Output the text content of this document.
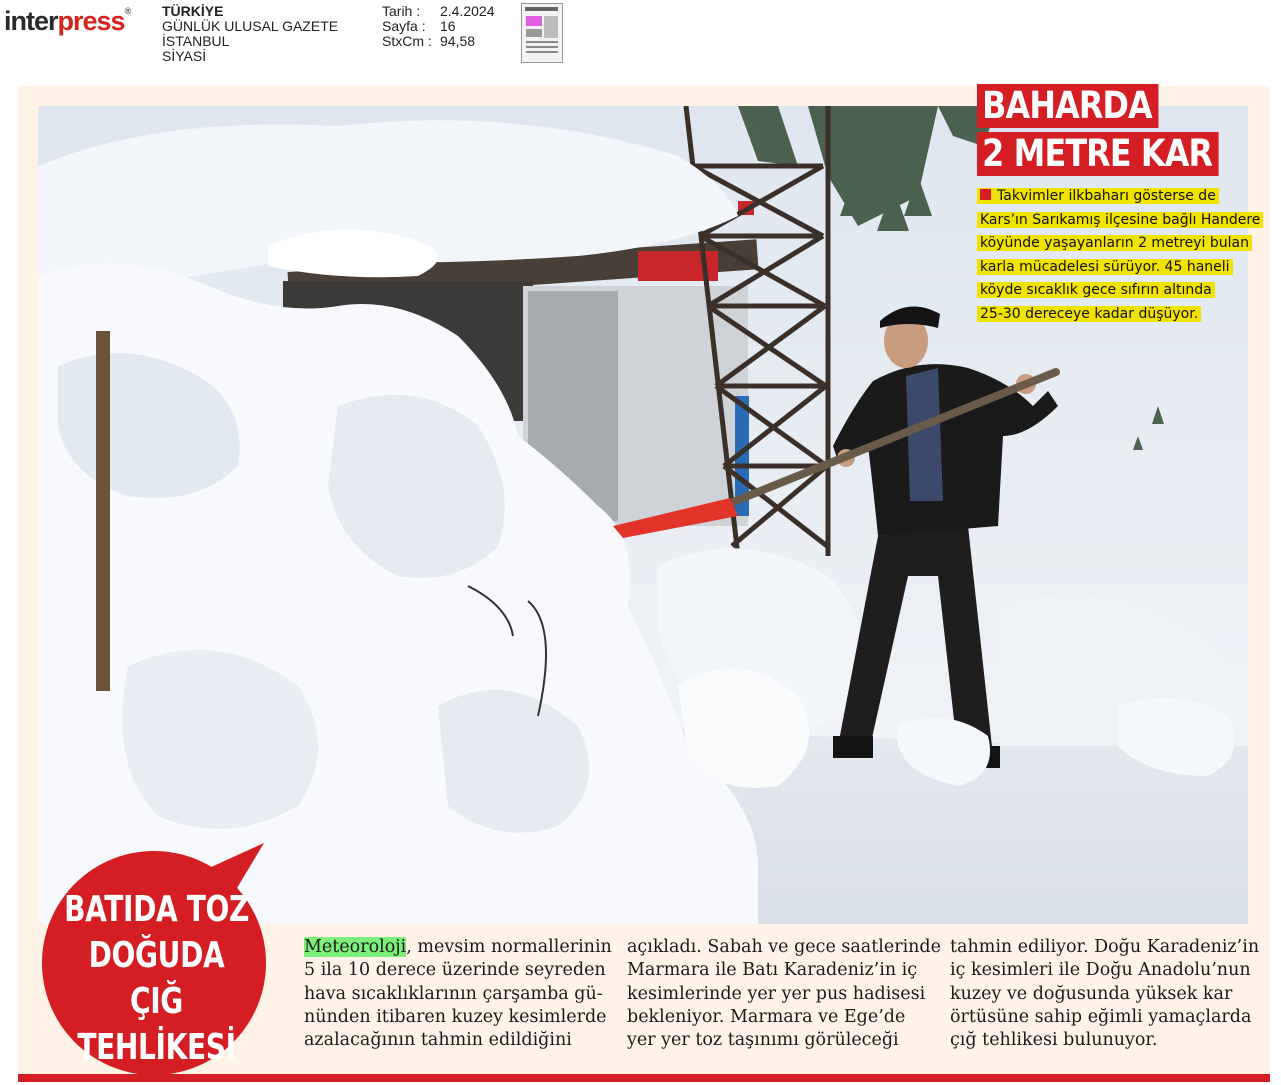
interpress® TÜRKİYE
GÜNLÜK ULUSAL GAZETE
İSTANBUL
SİYASİ
Tarih :	2.4.2024
Sayfa :	16
StxCm : 94,58
BAHARDA
2 METRE KAR
Takvimler ilkbaharı gösterse de
Kars’ın Sarıkamış ilçesine bağlı Handere
köyünde yaşayanların 2 metreyi bulan
karla mücadelesi sürüyor. 45 haneli
köyde sıcaklık gece sıfırın altında
25-30 dereceye kadar düşüyor.
BATIDA TOZ
DOĞUDA ÇIĞ
TEHLİKESİ
Meteoroloji, mevsim normallerinin
5 ila 10 derece üzerinde seyreden
hava sıcaklıklarının çarşamba gü-
nünden itibaren kuzey kesimlerde
azalacağının tahmin edildiğini
açıkladı. Sabah ve gece saatlerinde
Marmara ile Batı Karadeniz’in iç
kesimlerinde yer yer pus hadisesi
bekleniyor. Marmara ve Ege’de
yer yer toz taşınımı görüleceği
tahmin ediliyor. Doğu Karadeniz’in
iç kesimleri ile Doğu Anadolu’nun
kuzey ve doğusunda yüksek kar
örtüsüne sahip eğimli yamaçlarda
çığ tehlikesi bulunuyor.
